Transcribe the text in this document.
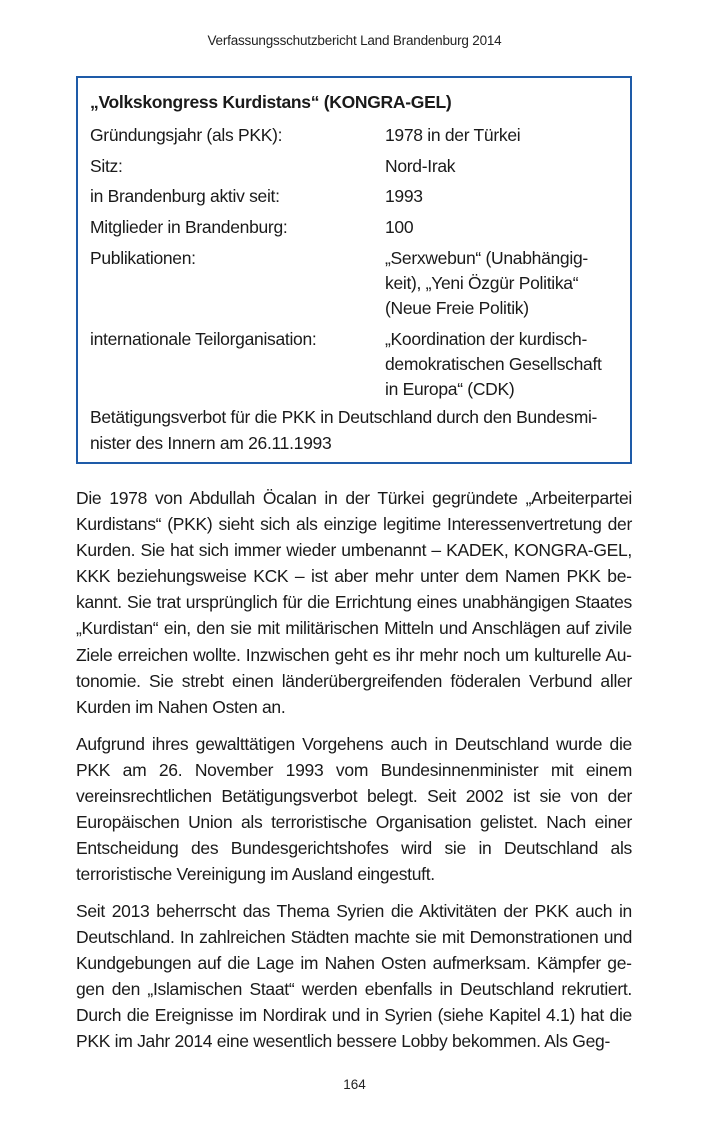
Verfassungsschutzbericht Land Brandenburg 2014
„Volkskongress Kurdistans“ (KONGRA-GEL)
Gründungsjahr (als PKK):	1978 in der Türkei
Sitz:	Nord-Irak
in Brandenburg aktiv seit:	1993
Mitglieder in Brandenburg:	100
Publikationen:	„Serxwebun“ (Unabhängig-
keit), „Yeni Özgür Politika“
(Neue Freie Politik)
internationale Teilorganisation:	„Koordination der kurdisch-
demokratischen Gesellschaft
in Europa“ (CDK)
Betätigungsverbot für die PKK in Deutschland durch den Bundesmi-
nister des Innern am 26.11.1993

Die 1978 von Abdullah Öcalan in der Türkei gegründete „Arbeiterpartei Kurdistans“ (PKK) sieht sich als einzige legitime Interessenvertretung der Kurden. Sie hat sich immer wieder umbenannt – KADEK, KONGRA-GEL, KKK beziehungsweise KCK – ist aber mehr unter dem Namen PKK bekannt. Sie trat ursprünglich für die Errichtung eines unabhängigen Staates „Kurdistan“ ein, den sie mit militärischen Mitteln und Anschlägen auf zivile Ziele erreichen wollte. Inzwischen geht es ihr mehr noch um kulturelle Autonomie. Sie strebt einen länderübergreifenden föderalen Verbund aller Kurden im Nahen Osten an.

Aufgrund ihres gewalttätigen Vorgehens auch in Deutschland wurde die PKK am 26. November 1993 vom Bundesinnenminister mit einem vereinsrechtlichen Betätigungsverbot belegt. Seit 2002 ist sie von der Europäischen Union als terroristische Organisation gelistet. Nach einer Entscheidung des Bundesgerichtshofes wird sie in Deutschland als terroristische Vereinigung im Ausland eingestuft.

Seit 2013 beherrscht das Thema Syrien die Aktivitäten der PKK auch in Deutschland. In zahlreichen Städten machte sie mit Demonstrationen und Kundgebungen auf die Lage im Nahen Osten aufmerksam. Kämpfer gegen den „Islamischen Staat“ werden ebenfalls in Deutschland rekrutiert. Durch die Ereignisse im Nordirak und in Syrien (siehe Kapitel 4.1) hat die PKK im Jahr 2014 eine wesentlich bessere Lobby bekommen. Als Geg-

164
